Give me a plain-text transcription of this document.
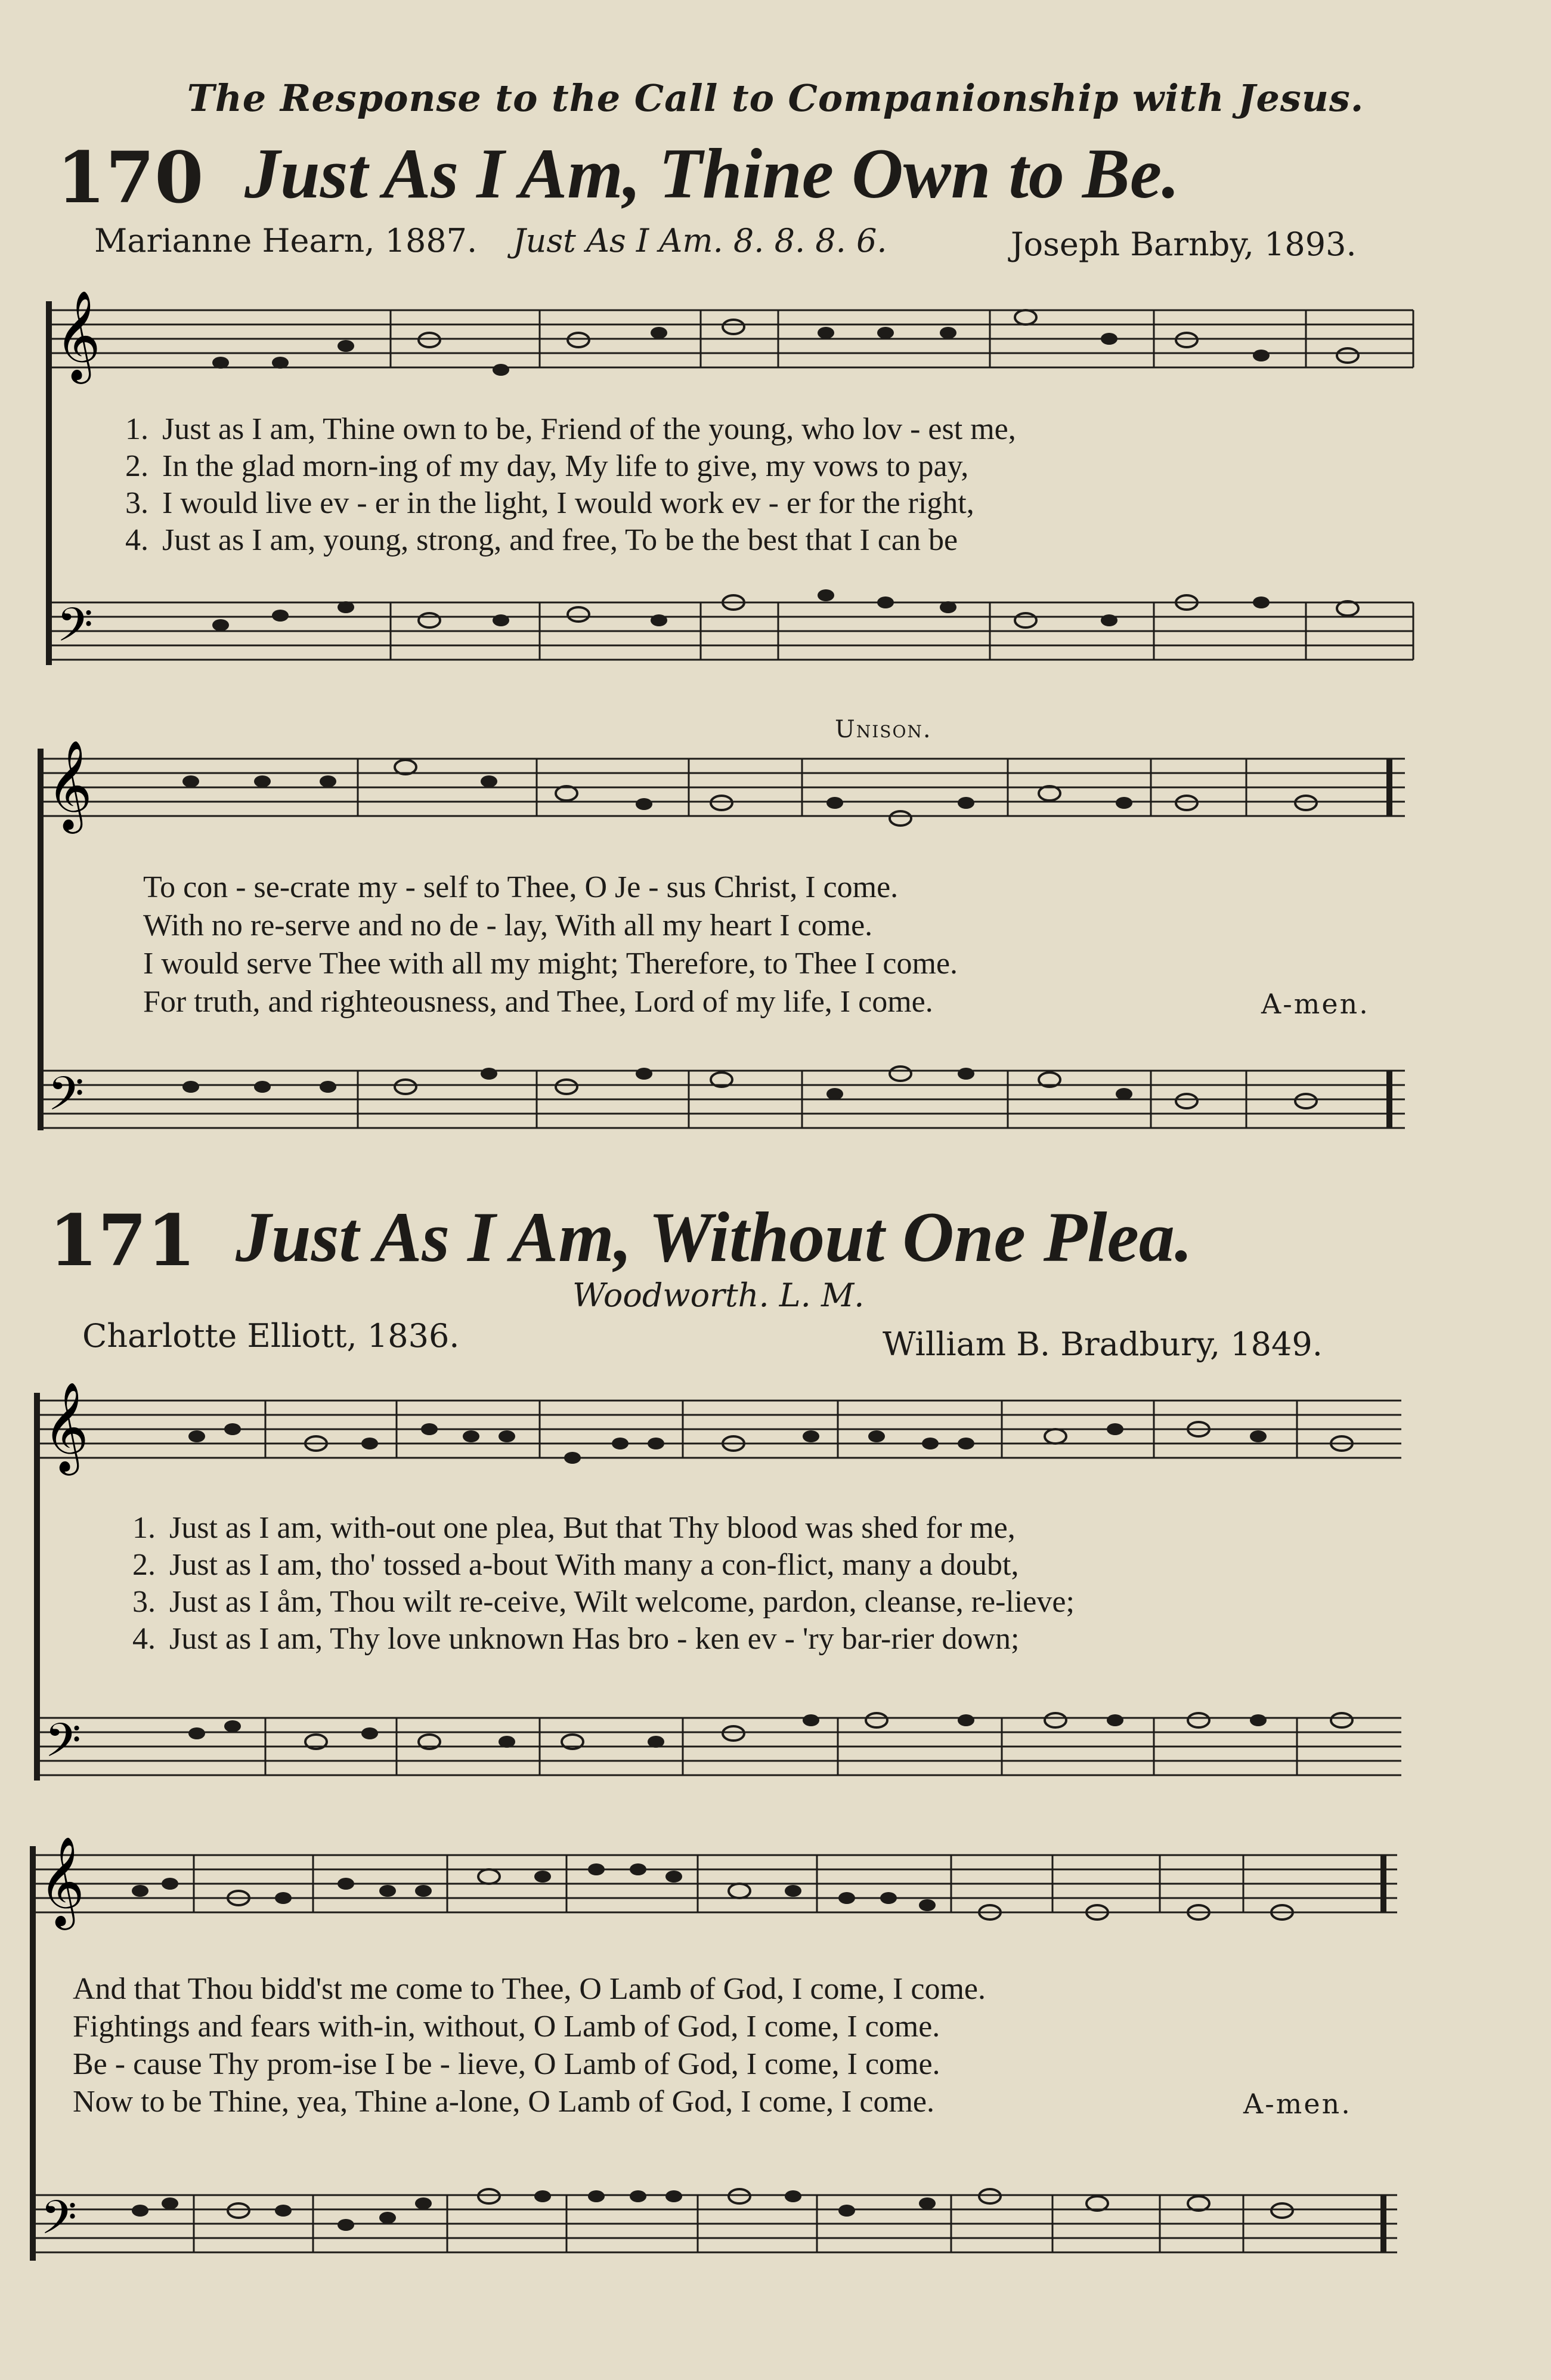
The Response to the Call to Companionship with Jesus.
170 Just As I Am, Thine Own to Be.
Marianne Hearn, 1887. Just As I Am. 8. 8. 8. 6.	Joseph Barnby, 1893.
𝄞
𝄢
𝄞
𝄢
𝄞
𝄢
𝄞
𝄢
1. Just as I am, Thine own to be, Friend of the young, who lov - est me,
2. In the glad morn-ing of my day, My life to give, my vows to pay,
3. I would live ev - er in the light, I would work ev - er for the right,
4. Just as I am, young, strong, and free, To be the best that I can be
Unison.
To con - se-crate my - self to Thee, O Je - sus Christ, I come.
With no re-serve and no de - lay, With all my heart I come.
I would serve Thee with all my might; Therefore, to Thee I come.
For truth, and righteousness, and Thee, Lord of my life, I come.	A-men.
171 Just As I Am, Without One Plea.
Woodworth. L. M.
Charlotte Elliott, 1836.	William B. Bradbury, 1849.
1. Just as I am, with-out one plea, But that Thy blood was shed for me,
2. Just as I am, tho' tossed a-bout With many a con-flict, many a doubt,
3. Just as I åm, Thou wilt re-ceive, Wilt welcome, pardon, cleanse, re-lieve;
4. Just as I am, Thy love unknown Has bro - ken ev - 'ry bar-rier down;
And that Thou bidd'st me come to Thee, O Lamb of God, I come, I come.
Fightings and fears with-in, without, O Lamb of God, I come, I come.
Be - cause Thy prom-ise I be - lieve, O Lamb of God, I come, I come.
Now to be Thine, yea, Thine a-lone, O Lamb of God, I come, I come.	A-men.
